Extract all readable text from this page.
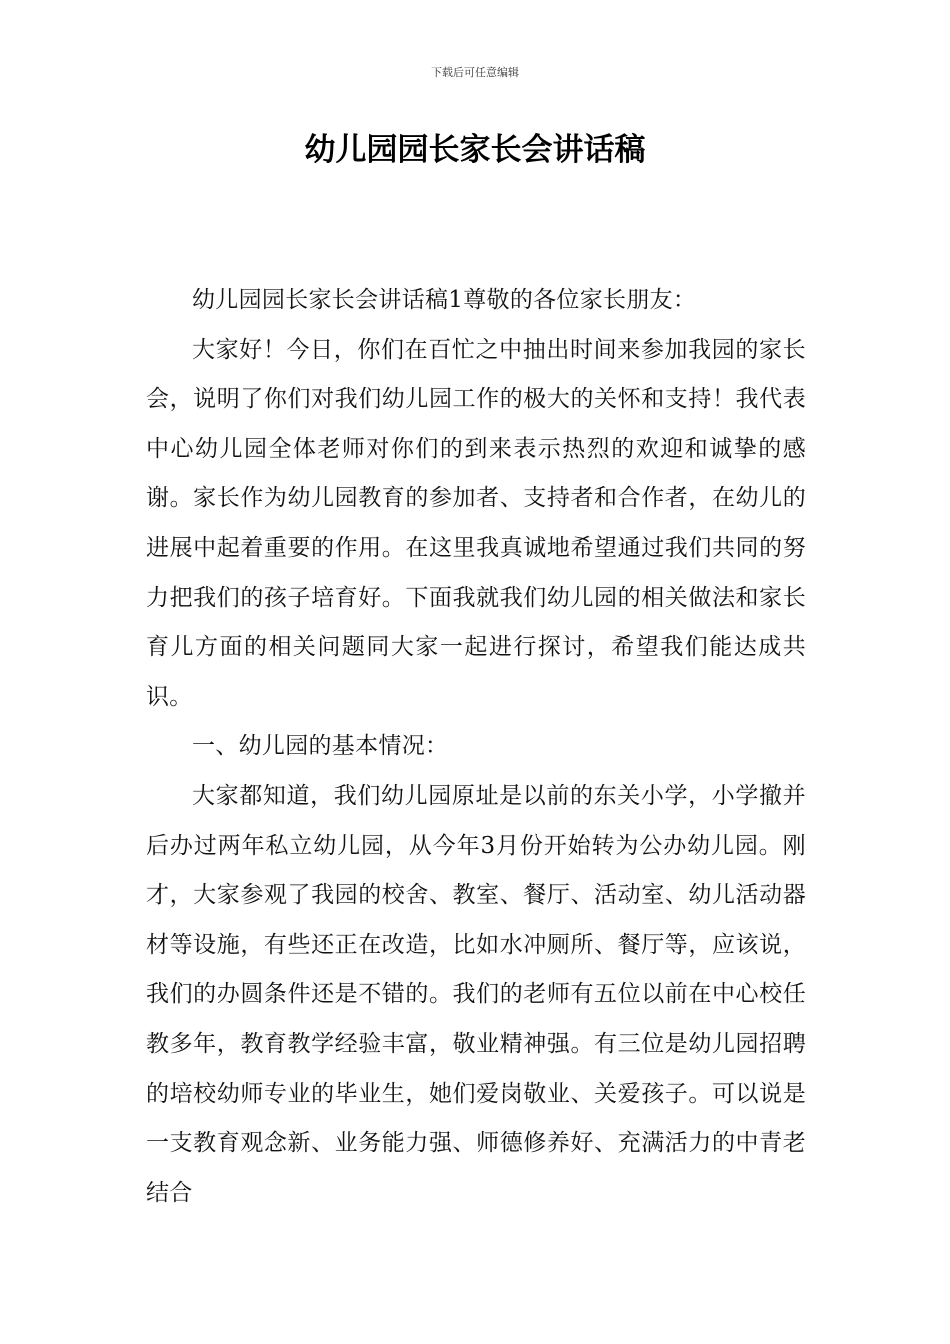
下载后可任意编辑
幼儿园园长家长会讲话稿

幼儿园园长家长会讲话稿1尊敬的各位家长朋友：

大家好！今日，你们在百忙之中抽出时间来参加我园的家长会，说明了你们对我们幼儿园工作的极大的关怀和支持！我代表中心幼儿园全体老师对你们的到来表示热烈的欢迎和诚挚的感谢。家长作为幼儿园教育的参加者、支持者和合作者，在幼儿的进展中起着重要的作用。在这里我真诚地希望通过我们共同的努力把我们的孩子培育好。下面我就我们幼儿园的相关做法和家长育儿方面的相关问题同大家一起进行探讨，希望我们能达成共识。

一、幼儿园的基本情况：

大家都知道，我们幼儿园原址是以前的东关小学，小学撤并后办过两年私立幼儿园，从今年3月份开始转为公办幼儿园。刚才，大家参观了我园的校舍、教室、餐厅、活动室、幼儿活动器材等设施，有些还正在改造，比如水冲厕所、餐厅等，应该说，我们的办圆条件还是不错的。我们的老师有五位以前在中心校任教多年，教育教学经验丰富，敬业精神强。有三位是幼儿园招聘的培校幼师专业的毕业生，她们爱岗敬业、关爱孩子。可以说是一支教育观念新、业务能力强、师德修养好、充满活力的中青老结合
